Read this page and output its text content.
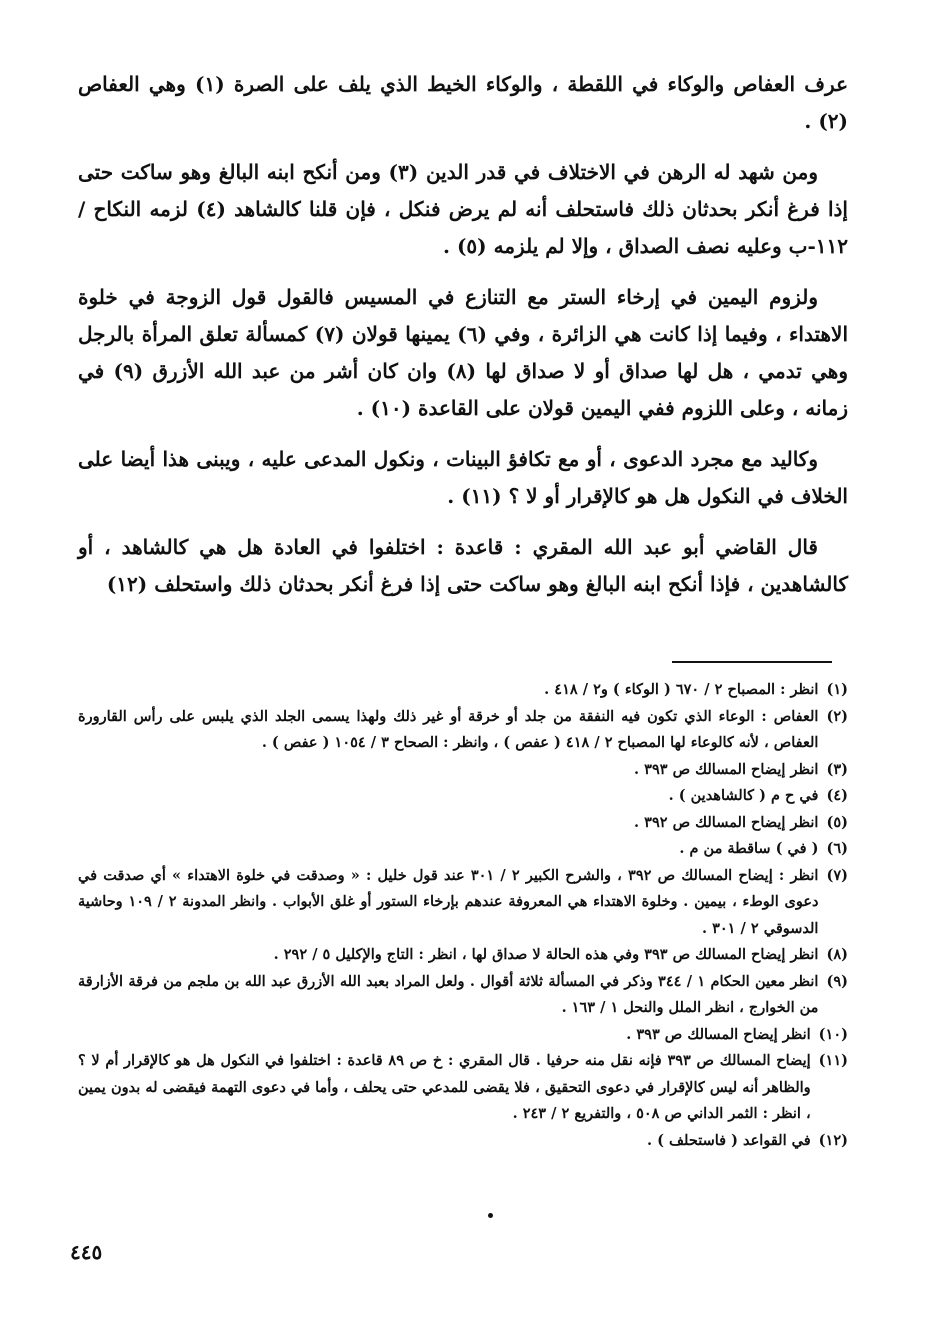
عرف العفاص والوكاء في اللقطة ، والوكاء الخيط الذي يلف على الصرة (١) وهي العفاص (٢) .

ومن شهد له الرهن في الاختلاف في قدر الدين (٣) ومن أنكح ابنه البالغ وهو ساكت حتى إذا فرغ أنكر بحدثان ذلك فاستحلف أنه لم يرض فنكل ، فإن قلنا كالشاهد (٤) لزمه النكاح /١١٢-ب وعليه نصف الصداق ، وإلا لم يلزمه (٥) .

ولزوم اليمين في إرخاء الستر مع التنازع في المسيس فالقول قول الزوجة في خلوة الاهتداء ، وفيما إذا كانت هي الزائرة ، وفي (٦) يمينها قولان (٧) كمسألة تعلق المرأة بالرجل وهي تدمي ، هل لها صداق أو لا صداق لها (٨) وان كان أشر من عبد الله الأزرق (٩) في زمانه ، وعلى اللزوم ففي اليمين قولان على القاعدة (١٠) .

وكاليد مع مجرد الدعوى ، أو مع تكافؤ البينات ، ونكول المدعى عليه ، ويبنى هذا أيضا على الخلاف في النكول هل هو كالإقرار أو لا ؟ (١١) .

قال القاضي أبو عبد الله المقري : قاعدة : اختلفوا في العادة هل هي كالشاهد ، أو كالشاهدين ، فإذا أنكح ابنه البالغ وهو ساكت حتى إذا فرغ أنكر بحدثان ذلك واستحلف (١٢)

(١)
انظر : المصباح ٢ / ٦٧٠ ( الوكاء ) و٢ / ٤١٨ .
(٢)
العفاص : الوعاء الذي تكون فيه النفقة من جلد أو خرقة أو غير ذلك ولهذا يسمى الجلد الذي يلبس على رأس القارورة العفاص ، لأنه كالوعاء لها المصباح ٢ / ٤١٨ ( عفص ) ، وانظر : الصحاح ٣ / ١٠٥٤ ( عفص ) .
(٣)
انظر إيضاح المسالك ص ٣٩٣ .
(٤)
في ح م ( كالشاهدين ) .
(٥)
انظر إيضاح المسالك ص ٣٩٢ .
(٦)
( في ) ساقطة من م .
(٧)
انظر : إيضاح المسالك ص ٣٩٢ ، والشرح الكبير ٢ / ٣٠١ عند قول خليل : « وصدقت في خلوة الاهتداء » أي صدقت في دعوى الوطء ، بيمين . وخلوة الاهتداء هي المعروفة عندهم بإرخاء الستور أو غلق الأبواب . وانظر المدونة ٢ / ١٠٩ وحاشية الدسوقي ٢ / ٣٠١ .
(٨)
انظر إيضاح المسالك ص ٣٩٣ وفي هذه الحالة لا صداق لها ، انظر : التاج والإكليل ٥ / ٢٩٢ .
(٩)
انظر معين الحكام ١ / ٣٤٤ وذكر في المسألة ثلاثة أقوال . ولعل المراد بعبد الله الأزرق عبد الله بن ملجم من فرقة الأزارقة من الخوارج ، انظر الملل والنحل ١ / ١٦٣ .
(١٠)
انظر إيضاح المسالك ص ٣٩٣ .
(١١)
إيضاح المسالك ص ٣٩٣ فإنه نقل منه حرفيا . قال المقري : خ ص ٨٩ قاعدة : اختلفوا في النكول هل هو كالإقرار أم لا ؟ والظاهر أنه ليس كالإقرار في دعوى التحقيق ، فلا يقضى للمدعي حتى يحلف ، وأما في دعوى التهمة فيقضى له بدون يمين ، انظر : الثمر الداني ص ٥٠٨ ، والتفريع ٢ / ٢٤٣ .
(١٢)
في القواعد ( فاستحلف ) .
٤٤٥
